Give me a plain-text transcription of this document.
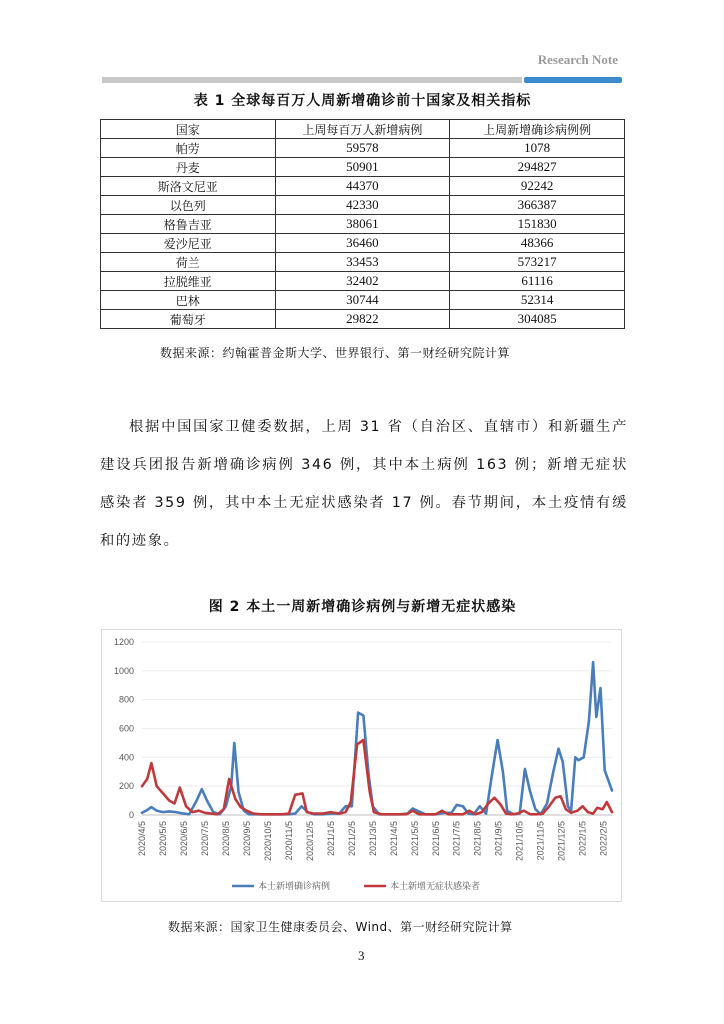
Research Note
表 1 全球每百万人周新增确诊前十国家及相关指标
国家	上周每百万人新增病例	上周新增确诊病例例
帕劳	59578	1078
丹麦	50901	294827
斯洛文尼亚	44370	92242
以色列	42330	366387
格鲁吉亚	38061	151830
爱沙尼亚	36460	48366
荷兰	33453	573217
拉脱维亚	32402	61116
巴林	30744	52314
葡萄牙	29822	304085
数据来源：约翰霍普金斯大学、世界银行、第一财经研究院计算
根据中国国家卫健委数据，上周 31 省（自治区、直辖市）和新疆生产建设兵团报告新增确诊病例 346 例，其中本土病例 163 例；新增无症状感染者 359 例，其中本土无症状感染者 17 例。春节期间，本土疫情有缓和的迹象。
图 2 本土一周新增确诊病例与新增无症状感染
0
200
400
600
800
1000
1200
2020/4/5 2020/5/5 2020/6/5 2020/7/5 2020/8/5 2020/9/5 2020/10/5 2020/11/5 2020/12/5 2021/1/5 2021/2/5 2021/3/5 2021/4/5 2021/5/5 2021/6/5 2021/7/5 2021/8/5 2021/9/5 2021/10/5 2021/11/5 2021/12/5 2022/1/5 2022/2/5
本土新增确诊病例	本土新增无症状感染者
数据来源：国家卫生健康委员会、Wind、第一财经研究院计算
3
